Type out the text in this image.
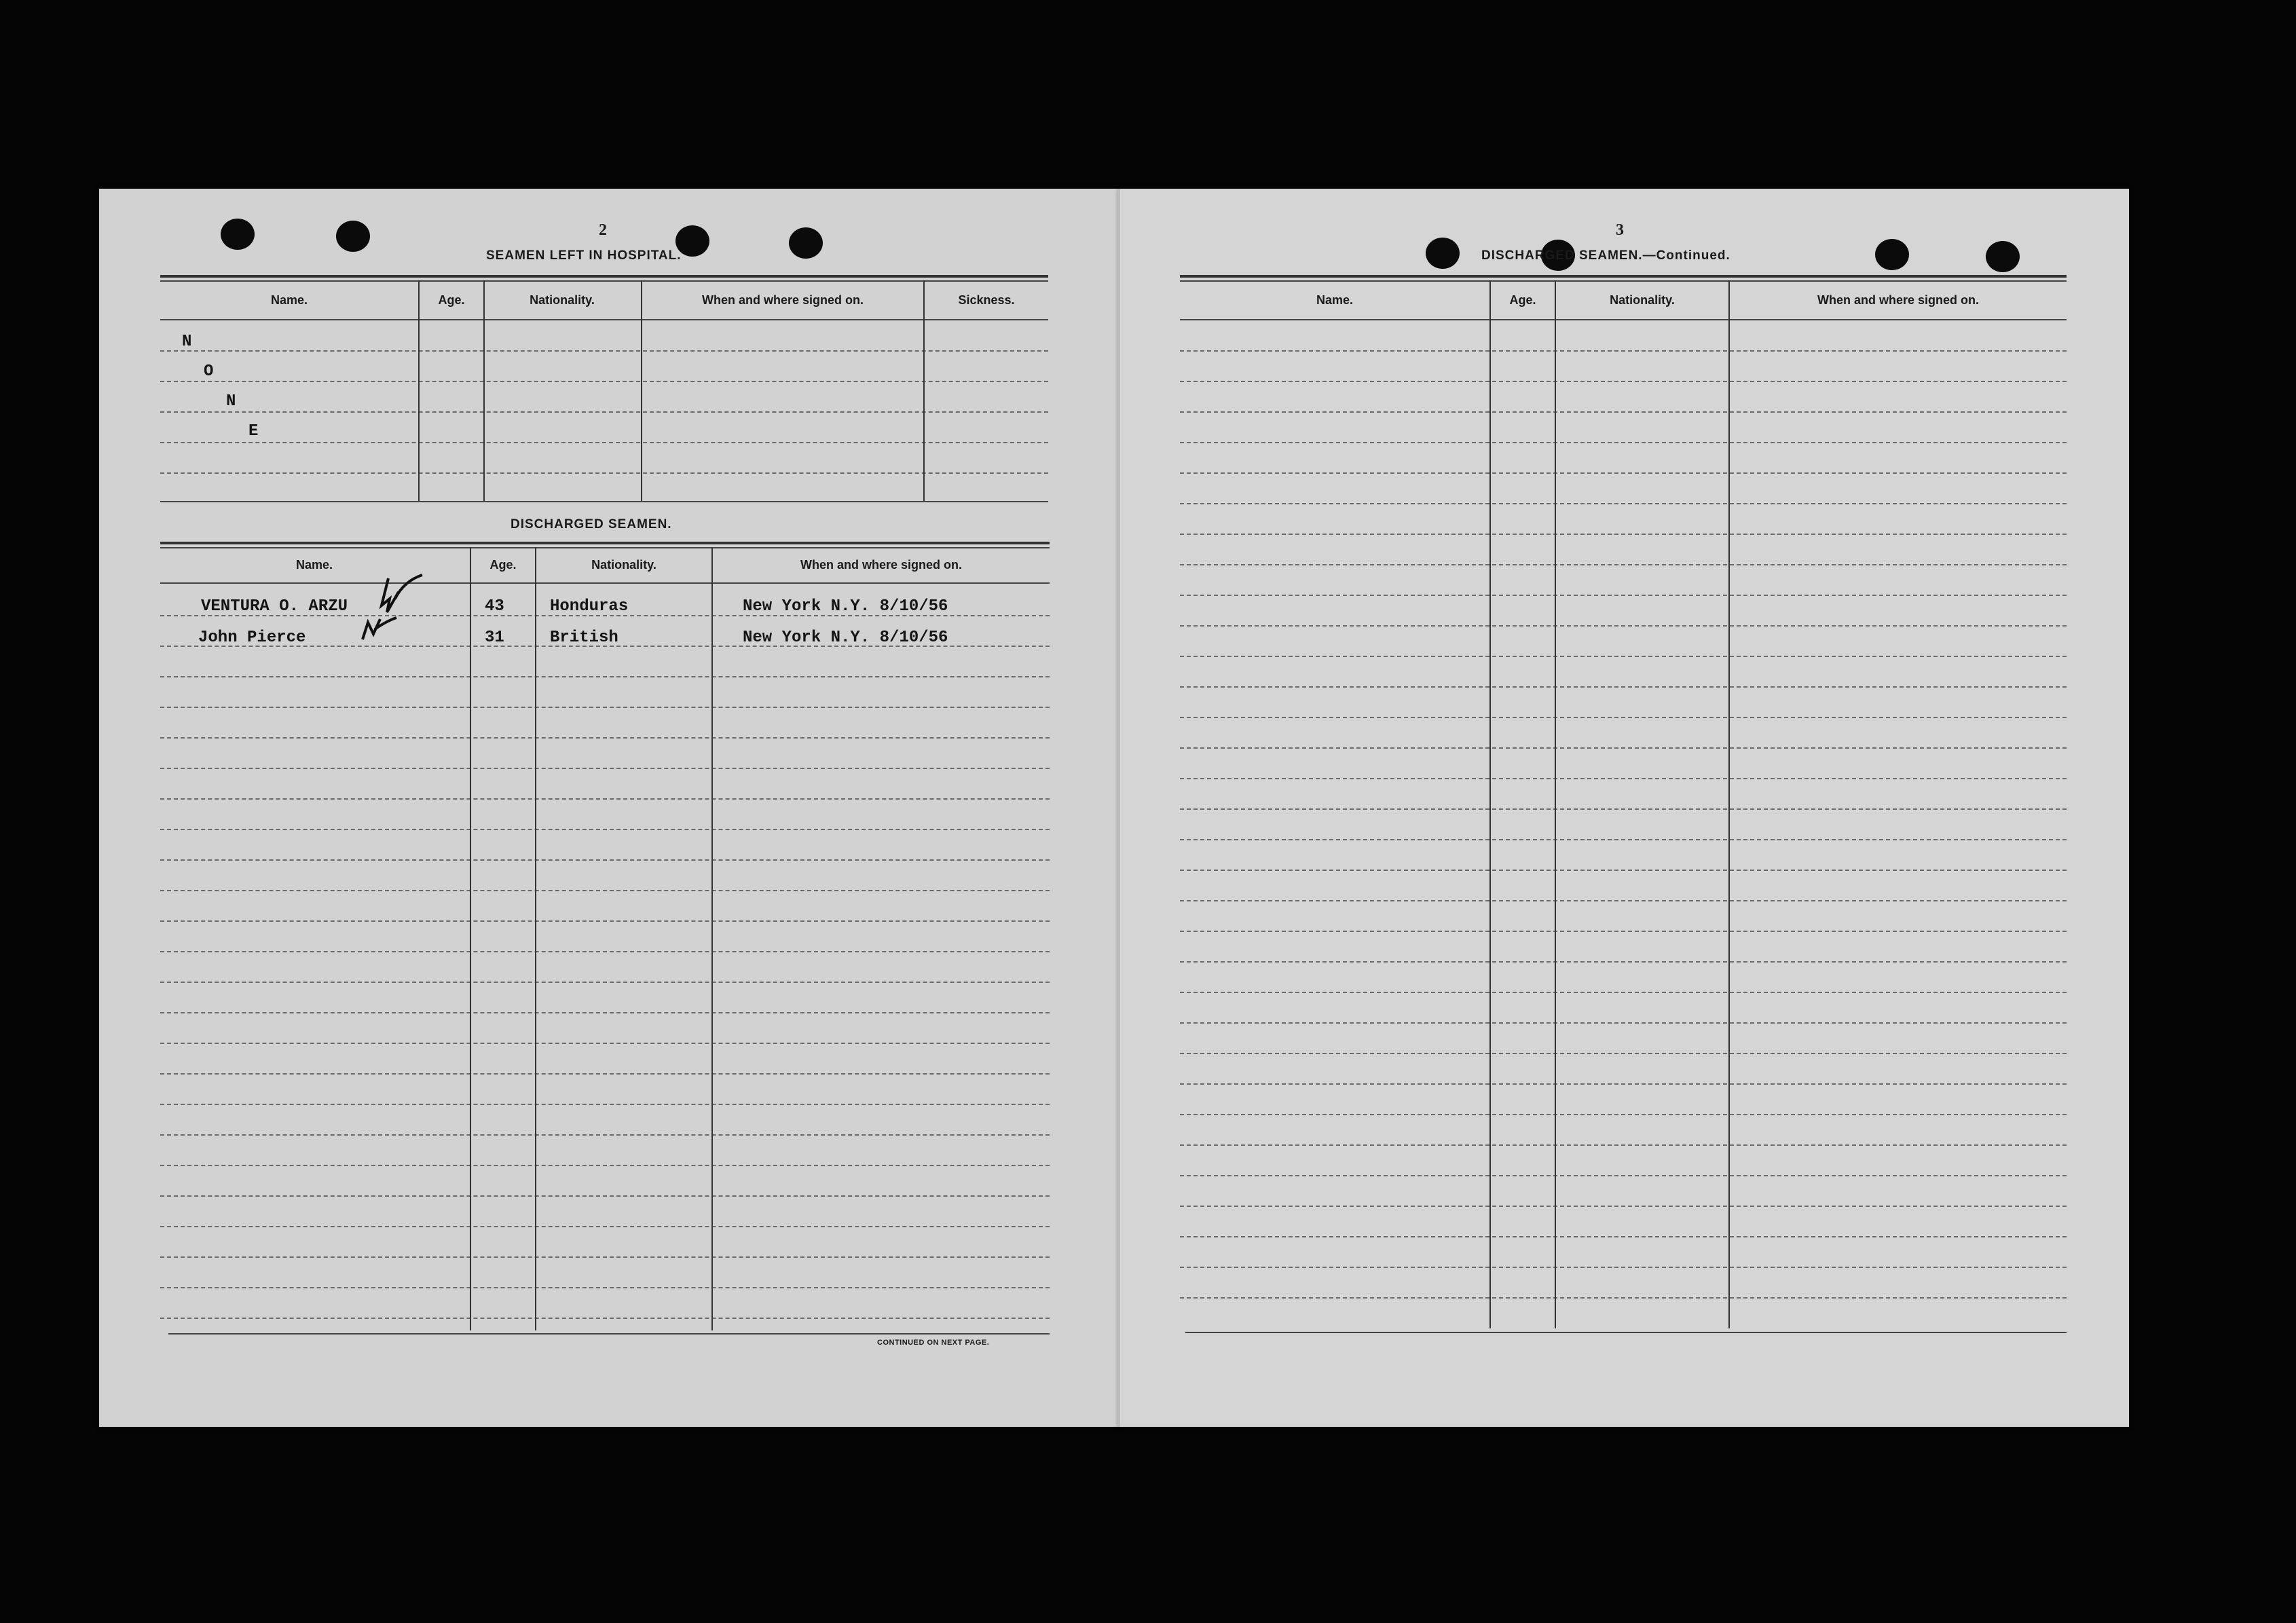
2
SEAMEN LEFT IN HOSPITAL.
Name.	Age.	Nationality.	When and where signed on.	Sickness.
N
O
N
E
DISCHARGED SEAMEN.
Name.	Age.	Nationality.	When and where signed on.
VENTURA O. ARZU	43	Honduras	New York N.Y. 8/10/56
John Pierce	31	British	New York N.Y. 8/10/56
CONTINUED ON NEXT PAGE.
3
DISCHARGED SEAMEN.—Continued.
Name.	Age.	Nationality.	When and where signed on.
